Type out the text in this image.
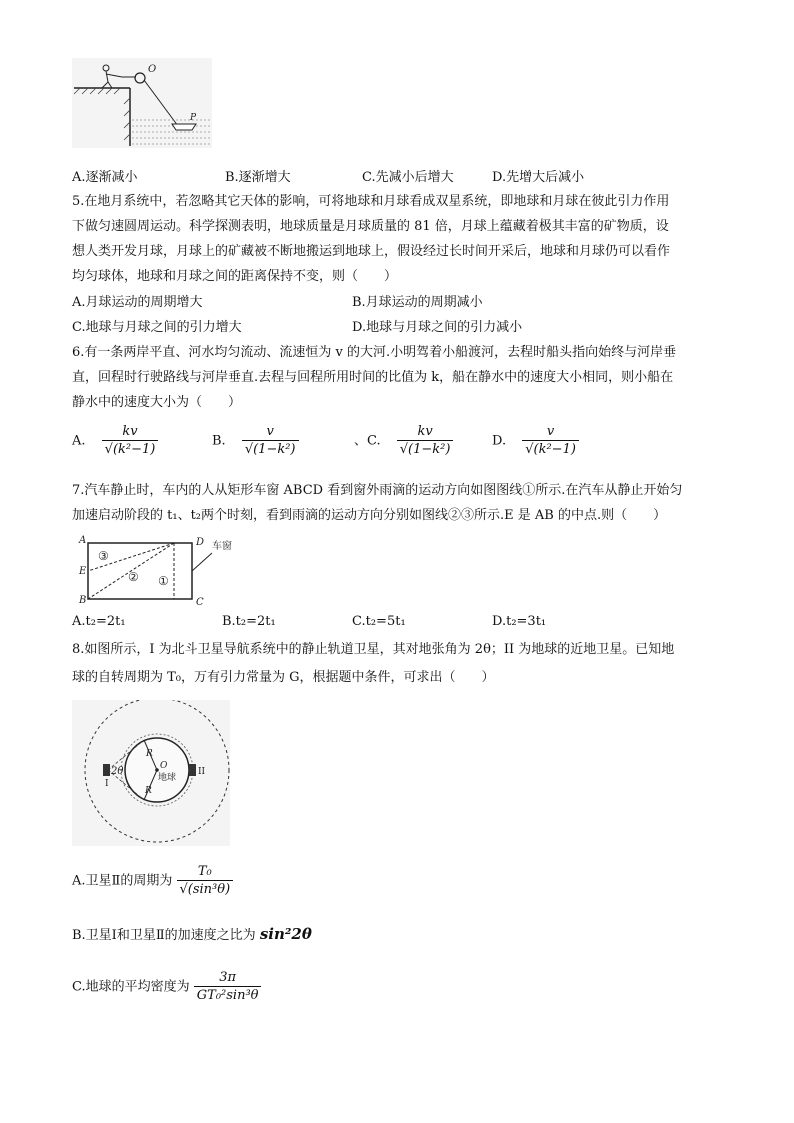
O
P
A.逐渐减小	B.逐渐增大	C.先减小后增大	D.先增大后减小
5.在地月系统中，若忽略其它天体的影响，可将地球和月球看成双星系统，即地球和月球在彼此引力作用
下做匀速圆周运动。科学探测表明，地球质量是月球质量的 81 倍，月球上蕴藏着极其丰富的矿物质，设
想人类开发月球，月球上的矿藏被不断地搬运到地球上，假设经过长时间开采后，地球和月球仍可以看作
均匀球体，地球和月球之间的距离保持不变，则（　　）
A.月球运动的周期增大	B.月球运动的周期减小
C.地球与月球之间的引力增大	D.地球与月球之间的引力减小
6.有一条两岸平直、河水均匀流动、流速恒为 v 的大河.小明驾着小船渡河，去程时船头指向始终与河岸垂
直，回程时行驶路线与河岸垂直.去程与回程所用时间的比值为 k，船在静水中的速度大小相同，则小船在
静水中的速度大小为（　　）
A. $\frac{kv}{\text{√(k²−1)}}$	B. $\frac{v}{\text{√(1−k²)}}$	、C. $\frac{kv}{\text{√(1−k²)}}$	D. $\frac{v}{\text{√(k²−1)}}$
7.汽车静止时，车内的人从矩形车窗 ABCD 看到窗外雨滴的运动方向如图图线①所示.在汽车从静止开始匀
加速启动阶段的 t₁、t₂两个时刻，看到雨滴的运动方向分别如图线②③所示.E 是 AB 的中点.则（　　）
A
B	C
D
E
车窗
①
②
③
A.t₂=2t₁	B.t₂=2t₁	C.t₂=5t₁	D.t₂=3t₁
8.如图所示，I 为北斗卫星导航系统中的静止轨道卫星，其对地张角为 2θ；II 为地球的近地卫星。已知地
球的自转周期为 T₀，万有引力常量为 G，根据题中条件，可求出（　　）
2θ
I
II
R
R
O
地球
A.卫星Ⅱ的周期为 $\frac{\text{T₀}}{\text{√(sin³θ)}}$
B.卫星Ⅰ和卫星Ⅱ的加速度之比为 sin²2θ
C.地球的平均密度为 $\frac{3\pi}{\text{GT₀²sin³θ}}$
